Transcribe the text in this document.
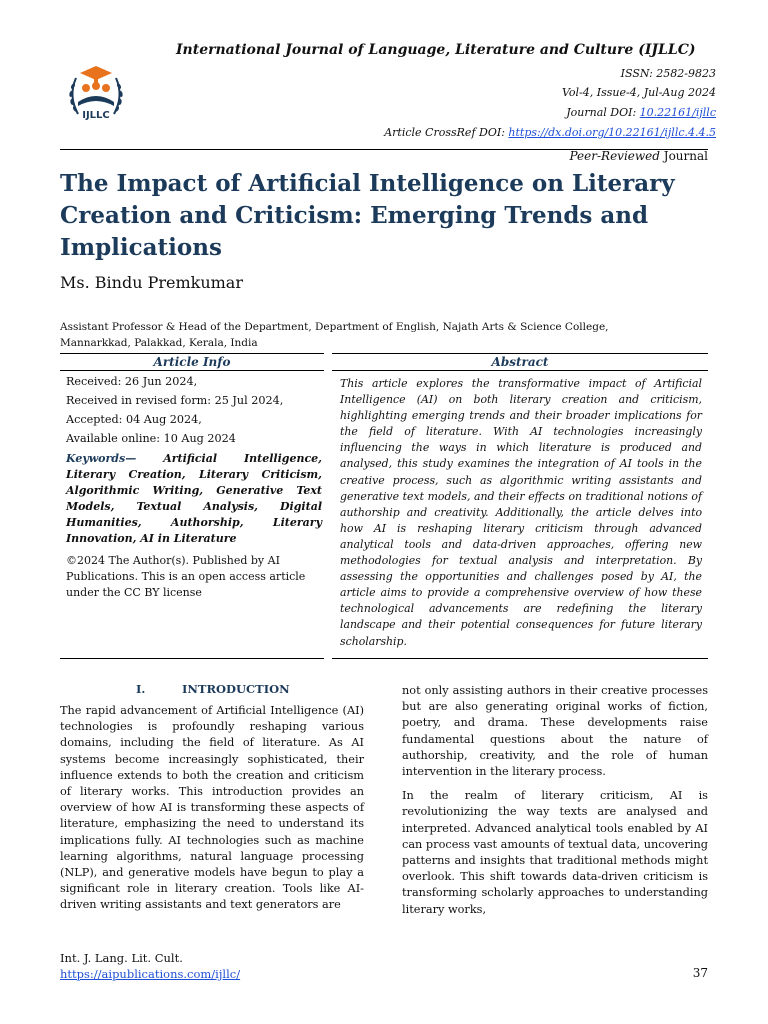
International Journal of Language, Literature and Culture (IJLLC)
IJLLC
ISSN: 2582-9823
Vol-4, Issue-4, Jul-Aug 2024
Journal DOI: 10.22161/ijllc
Article CrossRef DOI: https://dx.doi.org/10.22161/ijllc.4.4.5
Peer-Reviewed Journal
The Impact of Artificial Intelligence on Literary Creation and Criticism: Emerging Trends and Implications
Ms. Bindu Premkumar
Assistant Professor & Head of the Department, Department of English, Najath Arts & Science College, Mannarkkad, Palakkad, Kerala, India
Article Info	Abstract
Received: 26 Jun 2024,
Received in revised form: 25 Jul 2024,
Accepted: 04 Aug 2024,
Available online: 10 Aug 2024
Keywords— Artificial Intelligence, Literary Creation, Literary Criticism, Algorithmic Writing, Generative Text Models, Textual Analysis, Digital Humanities, Authorship, Literary Innovation, AI in Literature
©2024 The Author(s). Published by AI Publications. This is an open access article under the CC BY license
This article explores the transformative impact of Artificial Intelligence (AI) on both literary creation and criticism, highlighting emerging trends and their broader implications for the field of literature. With AI technologies increasingly influencing the ways in which literature is produced and analysed, this study examines the integration of AI tools in the creative process, such as algorithmic writing assistants and generative text models, and their effects on traditional notions of authorship and creativity. Additionally, the article delves into how AI is reshaping literary criticism through advanced analytical tools and data-driven approaches, offering new methodologies for textual analysis and interpretation. By assessing the opportunities and challenges posed by AI, the article aims to provide a comprehensive overview of how these technological advancements are redefining the literary landscape and their potential consequences for future literary scholarship.
I.	INTRODUCTION
The rapid advancement of Artificial Intelligence (AI) technologies is profoundly reshaping various domains, including the field of literature. As AI systems become increasingly sophisticated, their influence extends to both the creation and criticism of literary works. This introduction provides an overview of how AI is transforming these aspects of literature, emphasizing the need to understand its implications fully. AI technologies such as machine learning algorithms, natural language processing (NLP), and generative models have begun to play a significant role in literary creation. Tools like AI-driven writing assistants and text generators are

not only assisting authors in their creative processes but are also generating original works of fiction, poetry, and drama. These developments raise fundamental questions about the nature of authorship, creativity, and the role of human intervention in the literary process.

In the realm of literary criticism, AI is revolutionizing the way texts are analysed and interpreted. Advanced analytical tools enabled by AI can process vast amounts of textual data, uncovering patterns and insights that traditional methods might overlook. This shift towards data-driven criticism is transforming scholarly approaches to understanding literary works,

Int. J. Lang. Lit. Cult.
https://aipublications.com/ijllc/	37
